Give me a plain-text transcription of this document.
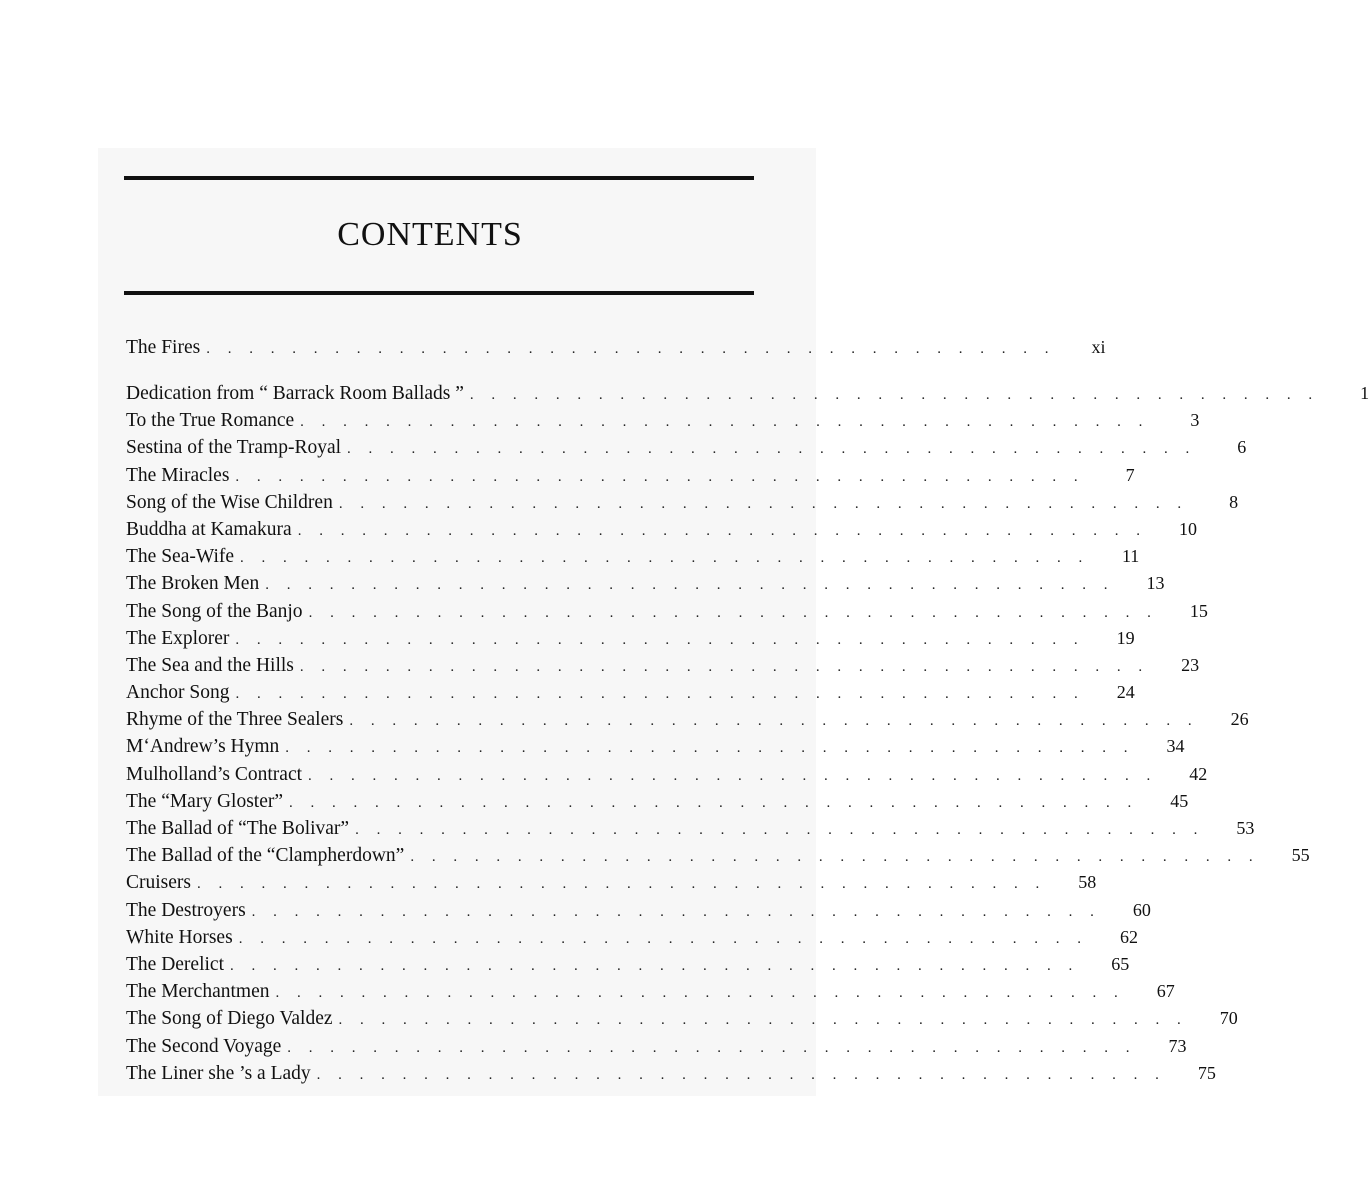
CONTENTS
The Fires . . . . . . . . . . . . . . . . . . . . . . . . . . . . . . . . . . . . . . . .	xi
Dedication from “ Barrack Room Ballads ” . . . . . . . . . . . . . . . . . . . . . . . . . . . . . . . . . . . . . . . .	1
To the True Romance . . . . . . . . . . . . . . . . . . . . . . . . . . . . . . . . . . . . . . . .	3
Sestina of the Tramp-Royal . . . . . . . . . . . . . . . . . . . . . . . . . . . . . . . . . . . . . . . .	6
The Miracles . . . . . . . . . . . . . . . . . . . . . . . . . . . . . . . . . . . . . . . .	7
Song of the Wise Children . . . . . . . . . . . . . . . . . . . . . . . . . . . . . . . . . . . . . . . .	8
Buddha at Kamakura . . . . . . . . . . . . . . . . . . . . . . . . . . . . . . . . . . . . . . . .	10
The Sea-Wife . . . . . . . . . . . . . . . . . . . . . . . . . . . . . . . . . . . . . . . .	11
The Broken Men . . . . . . . . . . . . . . . . . . . . . . . . . . . . . . . . . . . . . . . .	13
The Song of the Banjo . . . . . . . . . . . . . . . . . . . . . . . . . . . . . . . . . . . . . . . .	15
The Explorer . . . . . . . . . . . . . . . . . . . . . . . . . . . . . . . . . . . . . . . .	19
The Sea and the Hills . . . . . . . . . . . . . . . . . . . . . . . . . . . . . . . . . . . . . . . .	23
Anchor Song . . . . . . . . . . . . . . . . . . . . . . . . . . . . . . . . . . . . . . . .	24
Rhyme of the Three Sealers . . . . . . . . . . . . . . . . . . . . . . . . . . . . . . . . . . . . . . . .	26
M‘Andrew’s Hymn . . . . . . . . . . . . . . . . . . . . . . . . . . . . . . . . . . . . . . . .	34
Mulholland’s Contract . . . . . . . . . . . . . . . . . . . . . . . . . . . . . . . . . . . . . . . .	42
The “Mary Gloster” . . . . . . . . . . . . . . . . . . . . . . . . . . . . . . . . . . . . . . . .	45
The Ballad of “The Bolivar” . . . . . . . . . . . . . . . . . . . . . . . . . . . . . . . . . . . . . . . .	53
The Ballad of the “Clampherdown” . . . . . . . . . . . . . . . . . . . . . . . . . . . . . . . . . . . . . . . .	55
Cruisers . . . . . . . . . . . . . . . . . . . . . . . . . . . . . . . . . . . . . . . .	58
The Destroyers . . . . . . . . . . . . . . . . . . . . . . . . . . . . . . . . . . . . . . . .	60
White Horses . . . . . . . . . . . . . . . . . . . . . . . . . . . . . . . . . . . . . . . .	62
The Derelict . . . . . . . . . . . . . . . . . . . . . . . . . . . . . . . . . . . . . . . .	65
The Merchantmen . . . . . . . . . . . . . . . . . . . . . . . . . . . . . . . . . . . . . . . .	67
The Song of Diego Valdez . . . . . . . . . . . . . . . . . . . . . . . . . . . . . . . . . . . . . . . .	70
The Second Voyage . . . . . . . . . . . . . . . . . . . . . . . . . . . . . . . . . . . . . . . .	73
The Liner she ’s a Lady . . . . . . . . . . . . . . . . . . . . . . . . . . . . . . . . . . . . . . . .	75
